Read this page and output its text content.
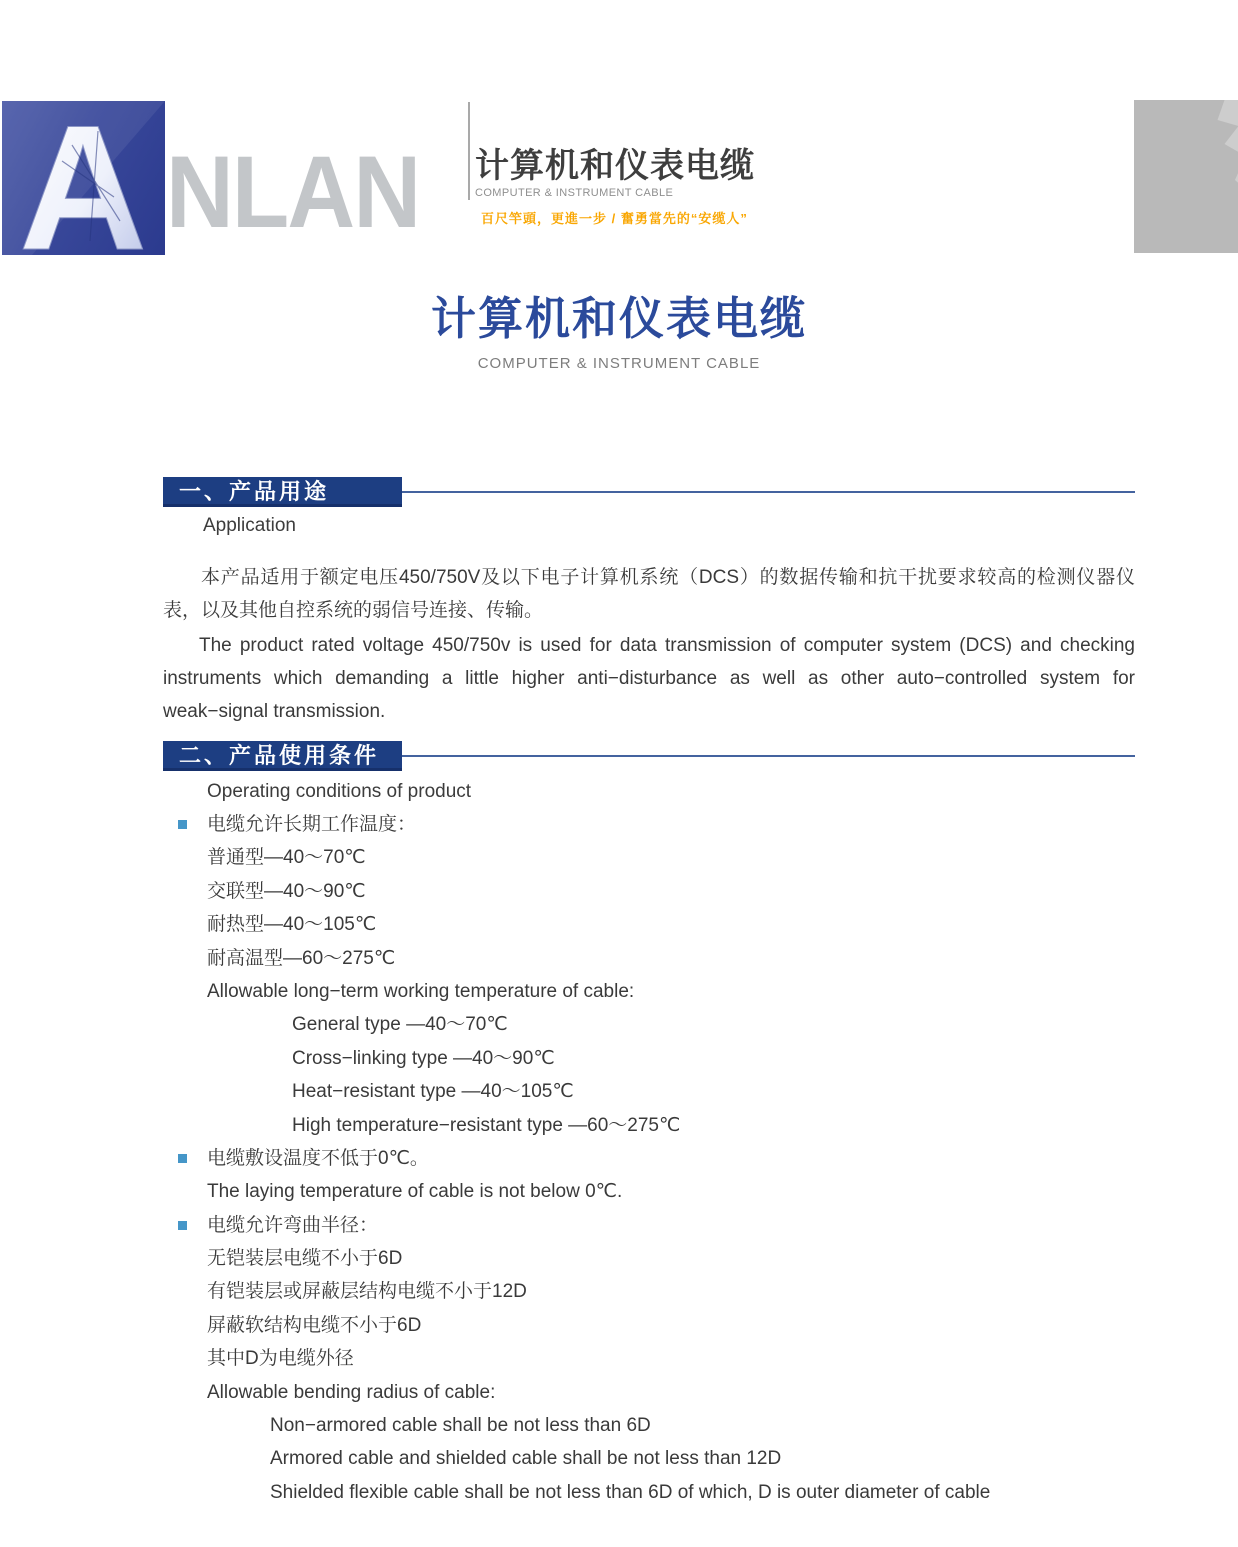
A NLAN	计算机和仪表电缆
COMPUTER & INSTRUMENT CABLE
百尺竿頭，更進一步 / 奮勇當先的“安缆人”
计算机和仪表电缆
COMPUTER & INSTRUMENT CABLE
一、产品用途
Application

本产品适用于额定电压450/750V及以下电子计算机系统（DCS）的数据传输和抗干扰要求较高的检测仪器仪表，以及其他自控系统的弱信号连接、传输。

The product rated voltage 450/750v is used for data transmission of computer system (DCS) and checking instruments which demanding a little higher anti−disturbance as well as other auto−controlled system for weak−signal transmission.

二、产品使用条件
Operating conditions of product
电缆允许长期工作温度：
普通型—40～70℃
交联型—40～90℃
耐热型—40～105℃
耐高温型—60～275℃
Allowable long−term working temperature of cable:
General type —40～70℃
Cross−linking type —40～90℃
Heat−resistant type —40～105℃
High temperature−resistant type —60～275℃
电缆敷设温度不低于0℃。
The laying temperature of cable is not below 0℃.
电缆允许弯曲半径：
无铠装层电缆不小于6D
有铠装层或屏蔽层结构电缆不小于12D
屏蔽软结构电缆不小于6D
其中D为电缆外径
Allowable bending radius of cable:
Non−armored cable shall be not less than 6D
Armored cable and shielded cable shall be not less than 12D
Shielded flexible cable shall be not less than 6D of which, D is outer diameter of cable
